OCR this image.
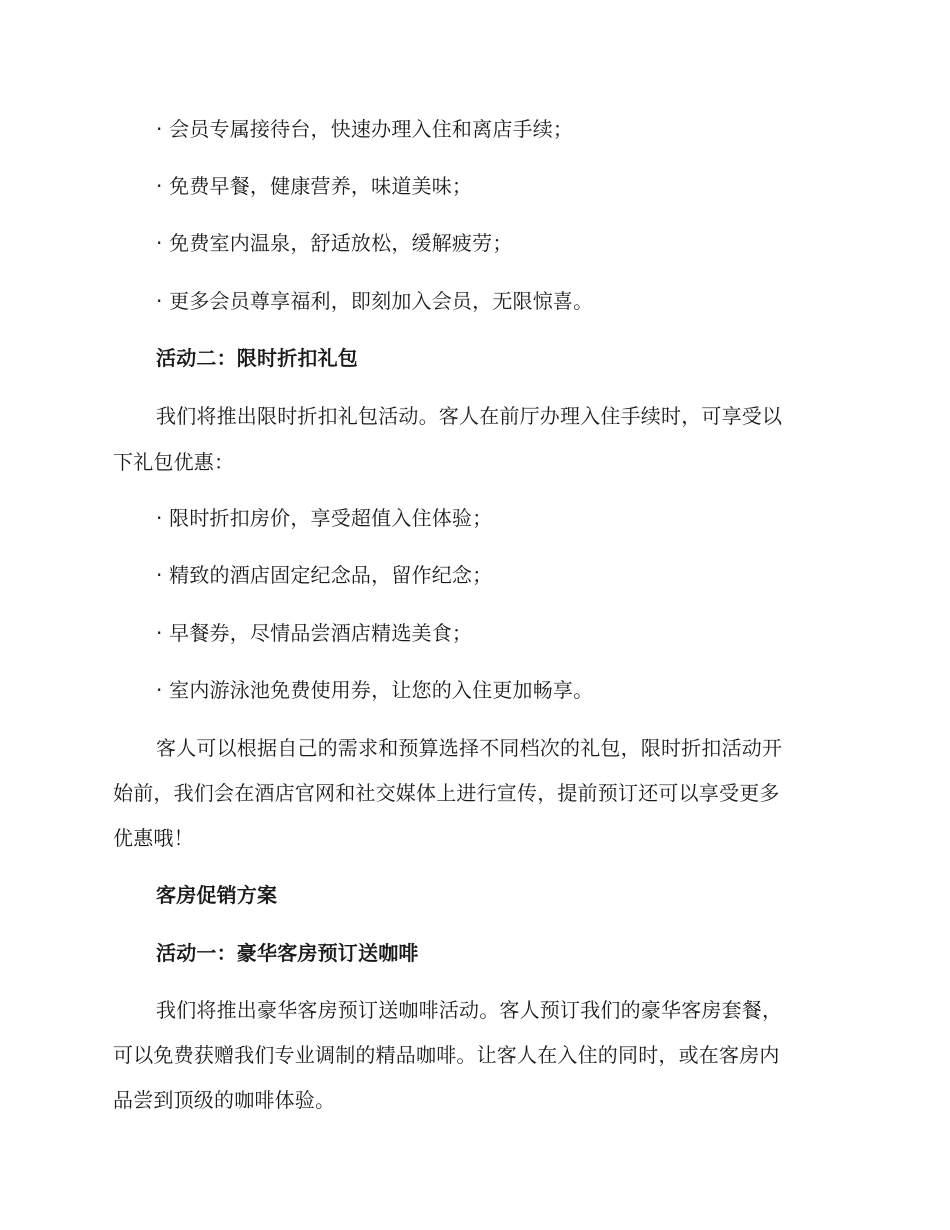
· 会员专属接待台，快速办理入住和离店手续；
· 免费早餐，健康营养，味道美味；
· 免费室内温泉，舒适放松，缓解疲劳；
· 更多会员尊享福利，即刻加入会员，无限惊喜。
活动二：限时折扣礼包
我们将推出限时折扣礼包活动。客人在前厅办理入住手续时，可享受以
下礼包优惠：
· 限时折扣房价，享受超值入住体验；
· 精致的酒店固定纪念品，留作纪念；
· 早餐券，尽情品尝酒店精选美食；
· 室内游泳池免费使用券，让您的入住更加畅享。
客人可以根据自己的需求和预算选择不同档次的礼包，限时折扣活动开
始前，我们会在酒店官网和社交媒体上进行宣传，提前预订还可以享受更多
优惠哦！
客房促销方案
活动一：豪华客房预订送咖啡
我们将推出豪华客房预订送咖啡活动。客人预订我们的豪华客房套餐，
可以免费获赠我们专业调制的精品咖啡。让客人在入住的同时，或在客房内
品尝到顶级的咖啡体验。
